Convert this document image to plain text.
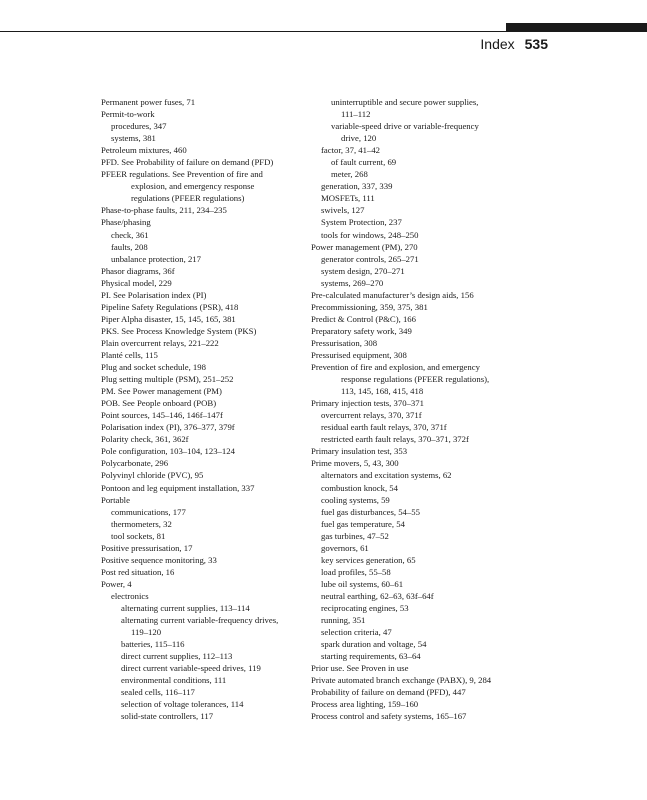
Index 535
Permanent power fuses, 71
Permit-to-work
procedures, 347
systems, 381
Petroleum mixtures, 460
PFD. See Probability of failure on demand (PFD)
PFEER regulations. See Prevention of fire and
explosion, and emergency response
regulations (PFEER regulations)
Phase-to-phase faults, 211, 234–235
Phase/phasing
check, 361
faults, 208
unbalance protection, 217
Phasor diagrams, 36f
Physical model, 229
PI. See Polarisation index (PI)
Pipeline Safety Regulations (PSR), 418
Piper Alpha disaster, 15, 145, 165, 381
PKS. See Process Knowledge System (PKS)
Plain overcurrent relays, 221–222
Planté cells, 115
Plug and socket schedule, 198
Plug setting multiple (PSM), 251–252
PM. See Power management (PM)
POB. See People onboard (POB)
Point sources, 145–146, 146f–147f
Polarisation index (PI), 376–377, 379f
Polarity check, 361, 362f
Pole configuration, 103–104, 123–124
Polycarbonate, 296
Polyvinyl chloride (PVC), 95
Pontoon and leg equipment installation, 337
Portable
communications, 177
thermometers, 32
tool sockets, 81
Positive pressurisation, 17
Positive sequence monitoring, 33
Post red situation, 16
Power, 4
electronics
alternating current supplies, 113–114
alternating current variable-frequency drives,
119–120
batteries, 115–116
direct current supplies, 112–113
direct current variable-speed drives, 119
environmental conditions, 111
sealed cells, 116–117
selection of voltage tolerances, 114
solid-state controllers, 117
uninterruptible and secure power supplies,
111–112
variable-speed drive or variable-frequency
drive, 120
factor, 37, 41–42
of fault current, 69
meter, 268
generation, 337, 339
MOSFETs, 111
swivels, 127
System Protection, 237
tools for windows, 248–250
Power management (PM), 270
generator controls, 265–271
system design, 270–271
systems, 269–270
Pre-calculated manufacturer’s design aids, 156
Precommissioning, 359, 375, 381
Predict & Control (P&C), 166
Preparatory safety work, 349
Pressurisation, 308
Pressurised equipment, 308
Prevention of fire and explosion, and emergency
response regulations (PFEER regulations),
113, 145, 168, 415, 418
Primary injection tests, 370–371
overcurrent relays, 370, 371f
residual earth fault relays, 370, 371f
restricted earth fault relays, 370–371, 372f
Primary insulation test, 353
Prime movers, 5, 43, 300
alternators and excitation systems, 62
combustion knock, 54
cooling systems, 59
fuel gas disturbances, 54–55
fuel gas temperature, 54
gas turbines, 47–52
governors, 61
key services generation, 65
load profiles, 55–58
lube oil systems, 60–61
neutral earthing, 62–63, 63f–64f
reciprocating engines, 53
running, 351
selection criteria, 47
spark duration and voltage, 54
starting requirements, 63–64
Prior use. See Proven in use
Private automated branch exchange (PABX), 9, 284
Probability of failure on demand (PFD), 447
Process area lighting, 159–160
Process control and safety systems, 165–167
